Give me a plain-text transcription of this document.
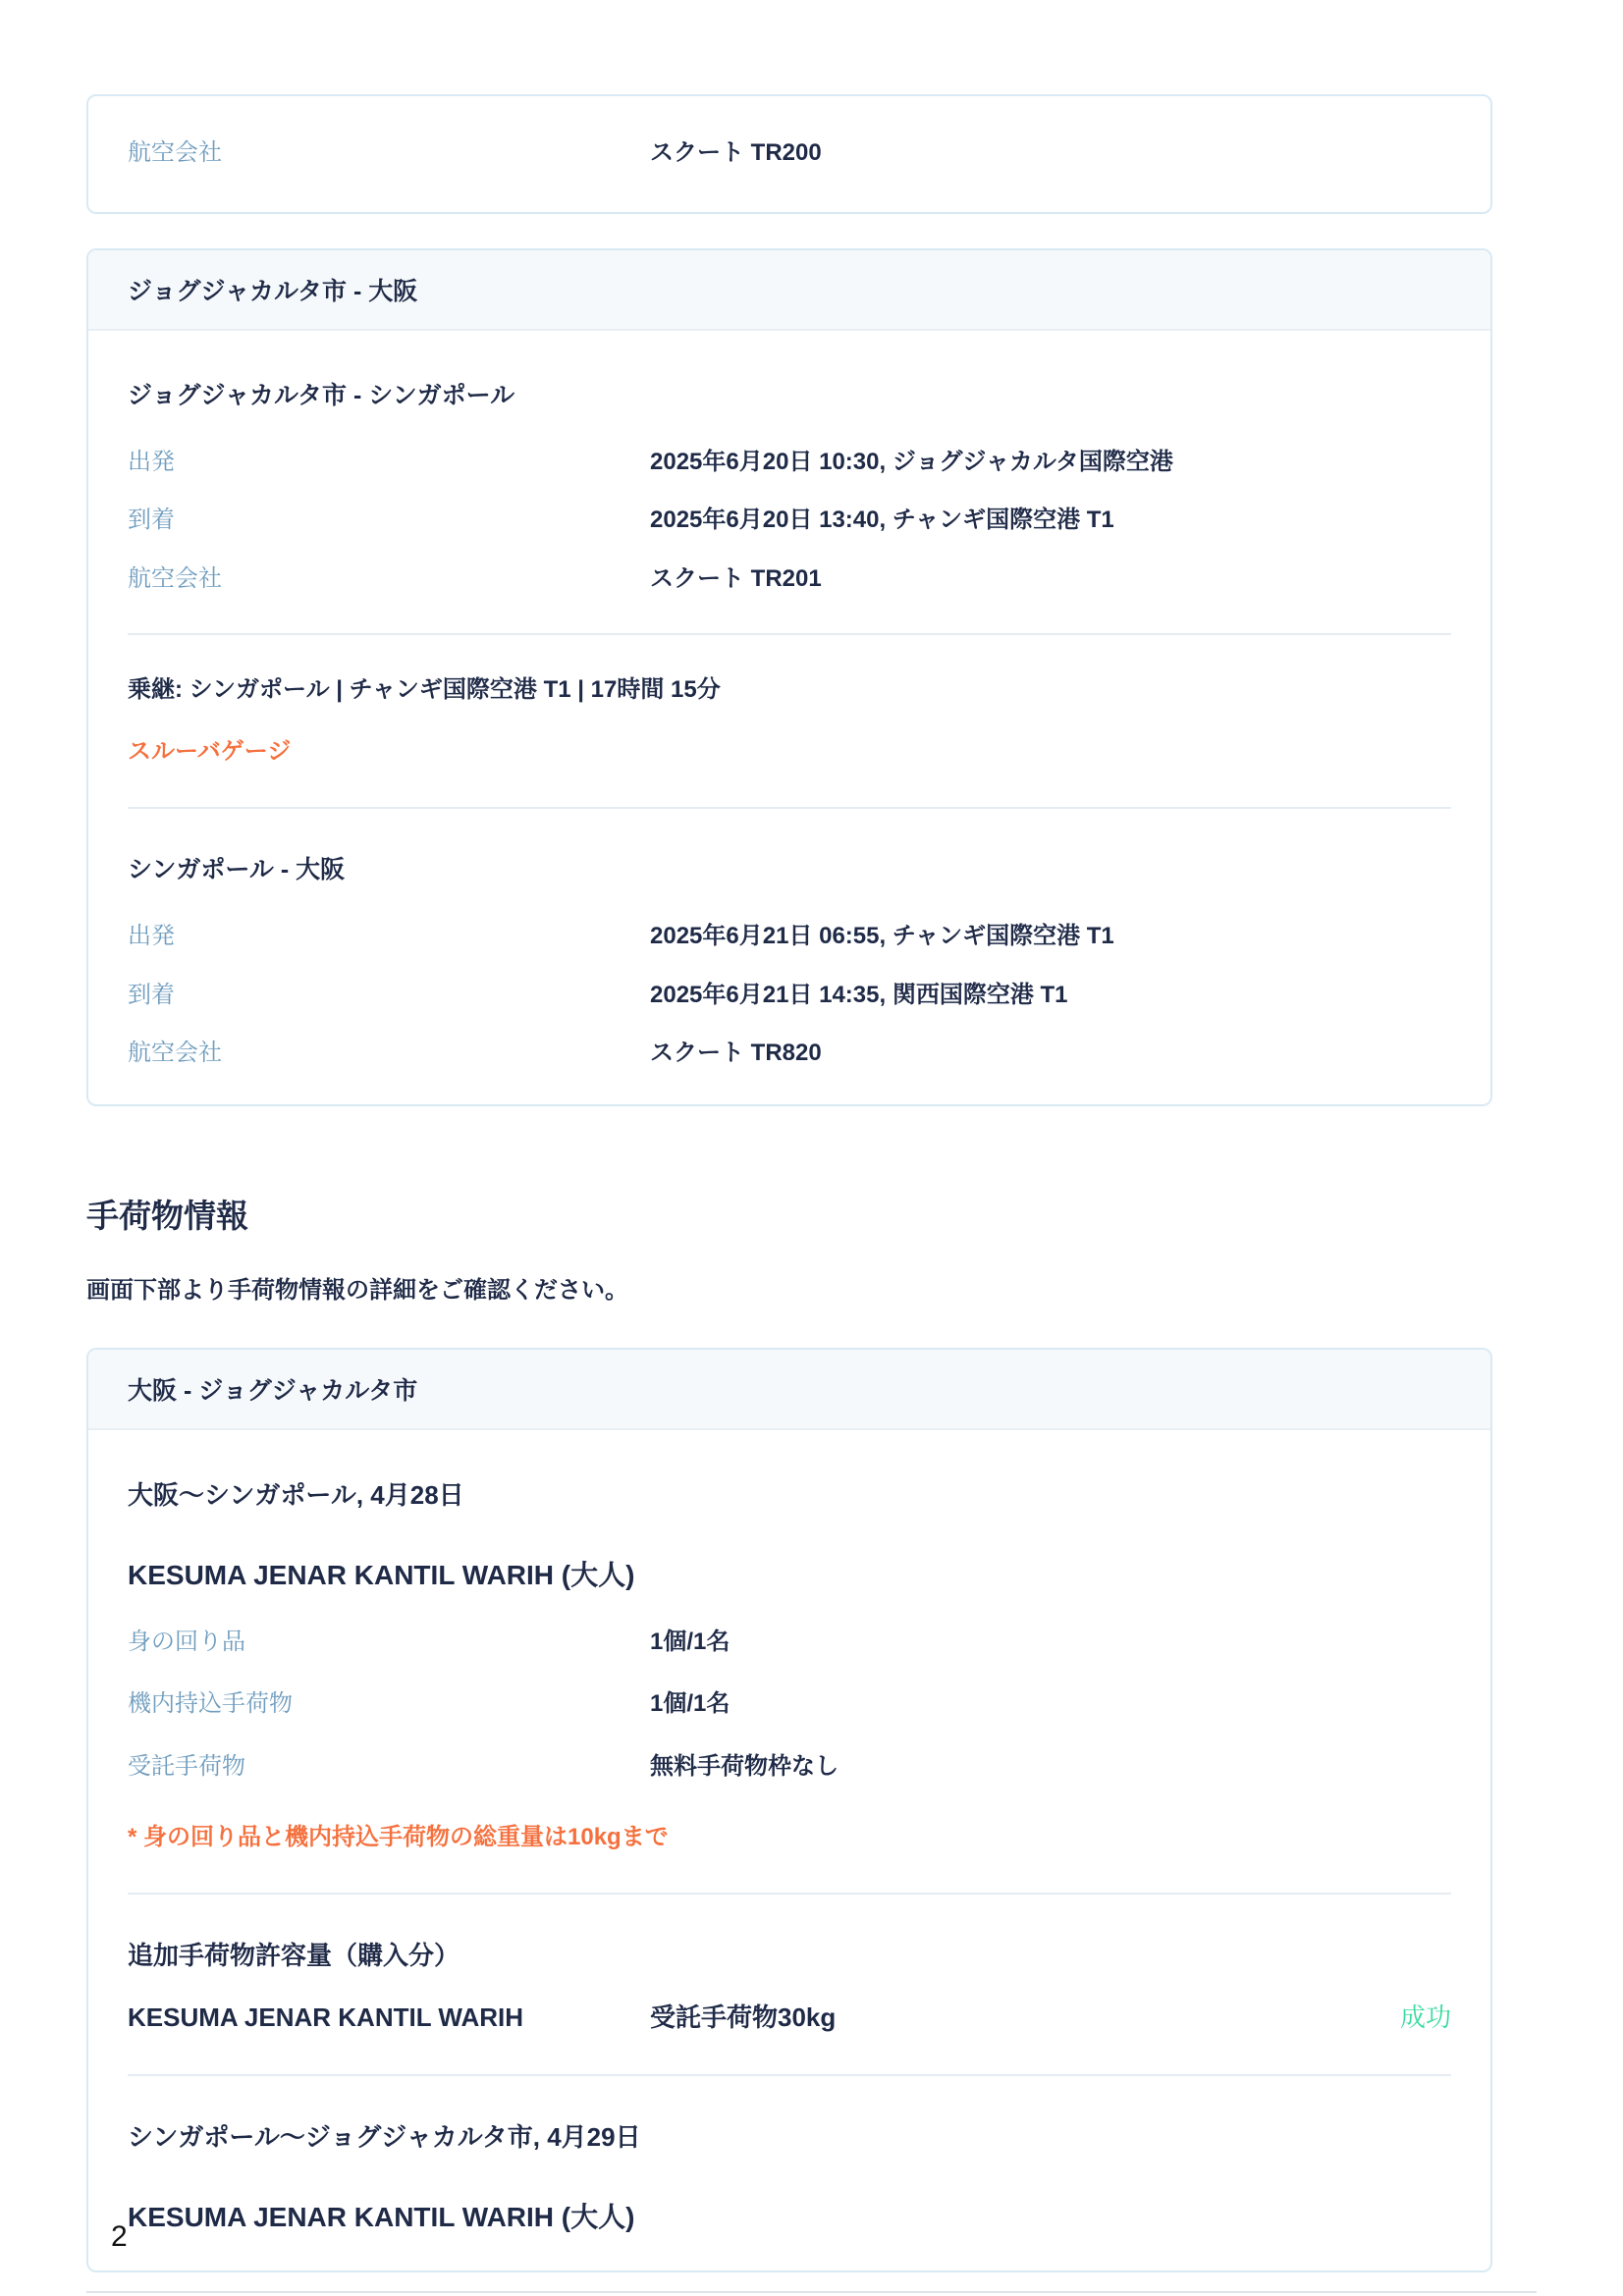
航空会社	スクート TR200
ジョグジャカルタ市 - 大阪
ジョグジャカルタ市 - シンガポール
出発	2025年6月20日 10:30, ジョグジャカルタ国際空港
到着	2025年6月20日 13:40, チャンギ国際空港 T1
航空会社	スクート TR201
乗継: シンガポール | チャンギ国際空港 T1 | 17時間 15分
スルーバゲージ
シンガポール - 大阪
出発	2025年6月21日 06:55, チャンギ国際空港 T1
到着	2025年6月21日 14:35, 関西国際空港 T1
航空会社	スクート TR820
手荷物情報

画面下部より手荷物情報の詳細をご確認ください。

大阪 - ジョグジャカルタ市
大阪～シンガポール, 4月28日
KESUMA JENAR KANTIL WARIH (大人)
身の回り品	1個/1名
機内持込手荷物	1個/1名
受託手荷物	無料手荷物枠なし
* 身の回り品と機内持込手荷物の総重量は10kgまで
追加手荷物許容量（購入分）
KESUMA JENAR KANTIL WARIH	受託手荷物30kg	成功
シンガポール～ジョグジャカルタ市, 4月29日
KESUMA JENAR KANTIL WARIH (大人)
2
